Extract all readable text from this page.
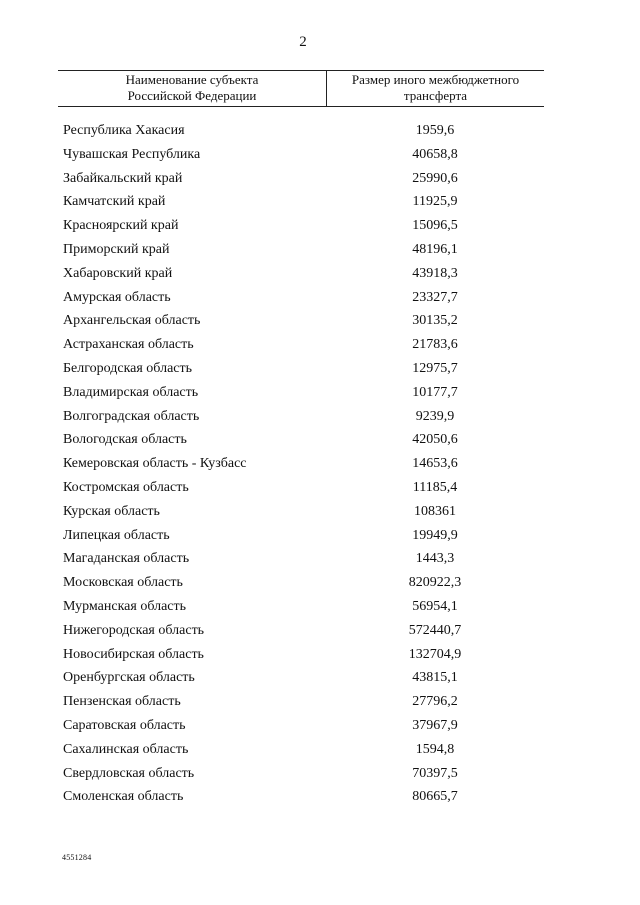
2
Наименование субъекта
Российской Федерации
Размер иного межбюджетного
трансферта
Республика Хакасия	1959,6
Чувашская Республика	40658,8
Забайкальский край	25990,6
Камчатский край	11925,9
Красноярский край	15096,5
Приморский край	48196,1
Хабаровский край	43918,3
Амурская область	23327,7
Архангельская область	30135,2
Астраханская область	21783,6
Белгородская область	12975,7
Владимирская область	10177,7
Волгоградская область	9239,9
Вологодская область	42050,6
Кемеровская область - Кузбасс	14653,6
Костромская область	11185,4
Курская область	108361
Липецкая область	19949,9
Магаданская область	1443,3
Московская область	820922,3
Мурманская область	56954,1
Нижегородская область	572440,7
Новосибирская область	132704,9
Оренбургская область	43815,1
Пензенская область	27796,2
Саратовская область	37967,9
Сахалинская область	1594,8
Свердловская область	70397,5
Смоленская область	80665,7
4551284
